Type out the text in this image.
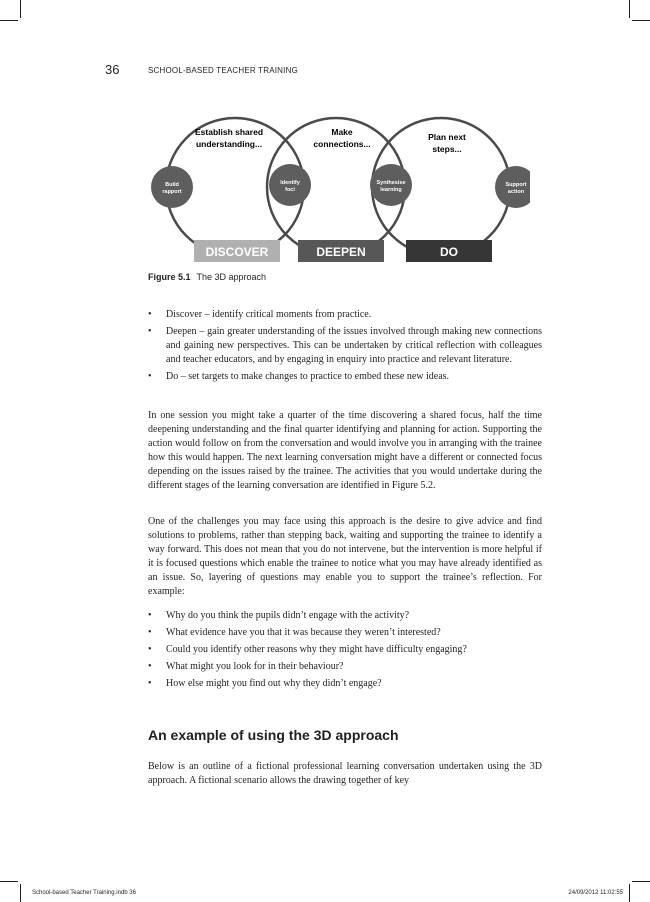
36	SCHOOL-BASED TEACHER TRAINING
Establish shared
understanding...
Make
connections...
Plan next
steps...
Build
rapport
Identify
foci
Synthesise
learning
Support
action
DISCOVER	DEEPEN	DO
Figure 5.1 The 3D approach
• Discover – identify critical moments from practice.
• Deepen – gain greater understanding of the issues involved through making new connections and gaining new perspectives. This can be undertaken by critical reflection with colleagues and teacher educators, and by engaging in enquiry into practice and relevant literature.
• Do – set targets to make changes to practice to embed these new ideas.

In one session you might take a quarter of the time discovering a shared focus, half the time deepening understanding and the final quarter identifying and planning for action. Supporting the action would follow on from the conversation and would involve you in arranging with the trainee how this would happen. The next learning conversation might have a different or connected focus depending on the issues raised by the trainee. The activities that you would undertake during the different stages of the learning conversation are identified in Figure 5.2.

One of the challenges you may face using this approach is the desire to give advice and find solutions to problems, rather than stepping back, waiting and supporting the trainee to identify a way forward. This does not mean that you do not intervene, but the intervention is more helpful if it is focused questions which enable the trainee to notice what you may have already identified as an issue. So, layering of questions may enable you to support the trainee’s reflection. For example:

• Why do you think the pupils didn’t engage with the activity?
• What evidence have you that it was because they weren’t interested?
• Could you identify other reasons why they might have difficulty engaging?
• What might you look for in their behaviour?
• How else might you find out why they didn’t engage?
An example of using the 3D approach

Below is an outline of a fictional professional learning conversation undertaken using the 3D approach. A fictional scenario allows the drawing together of key

School-based Teacher Training.indb 36	24/09/2012 11:02:55
